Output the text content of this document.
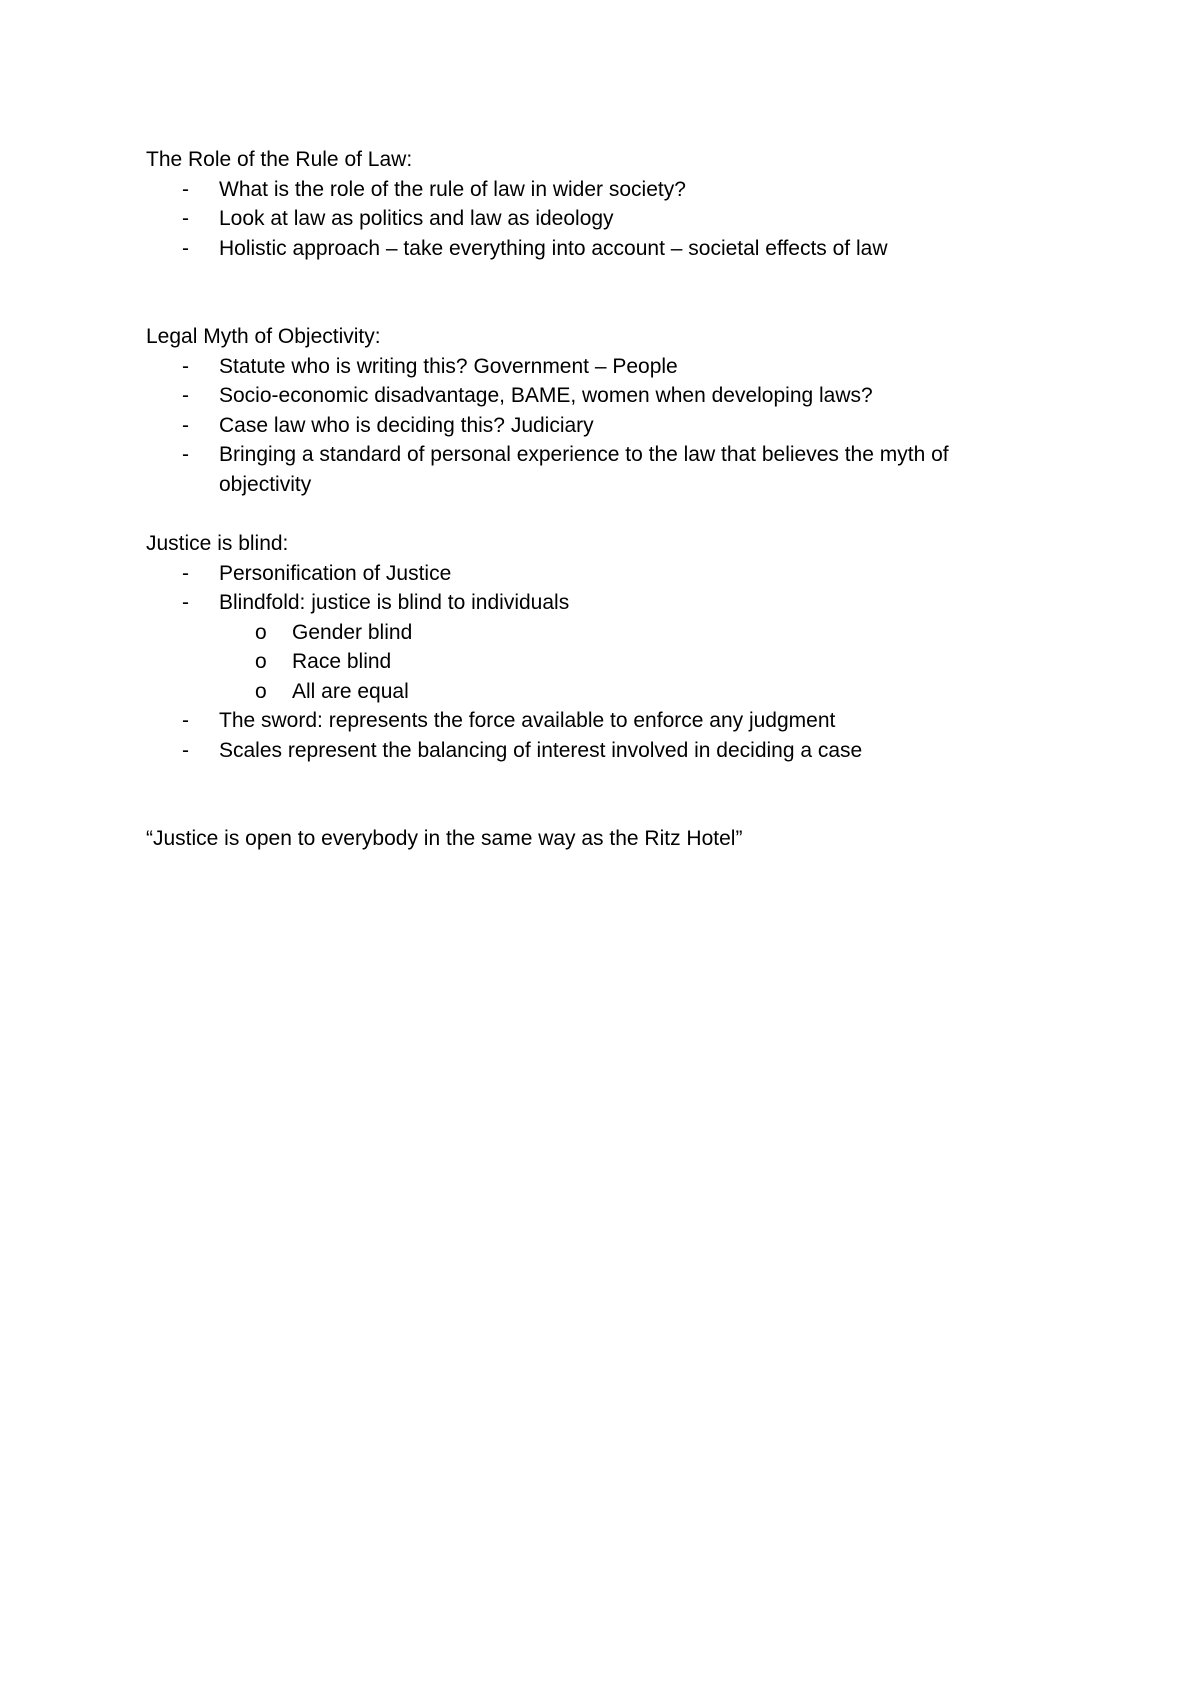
The Role of the Rule of Law:

- What is the role of the rule of law in wider society?
- Look at law as politics and law as ideology
- Holistic approach – take everything into account – societal effects of law

Legal Myth of Objectivity:

- Statute who is writing this? Government – People
- Socio-economic disadvantage, BAME, women when developing laws?
- Case law who is deciding this? Judiciary
- Bringing a standard of personal experience to the law that believes the myth of objectivity

Justice is blind:

- Personification of Justice
- Blindfold: justice is blind to individuals
o Gender blind
o Race blind
o All are equal
- The sword: represents the force available to enforce any judgment
- Scales represent the balancing of interest involved in deciding a case

“Justice is open to everybody in the same way as the Ritz Hotel”
